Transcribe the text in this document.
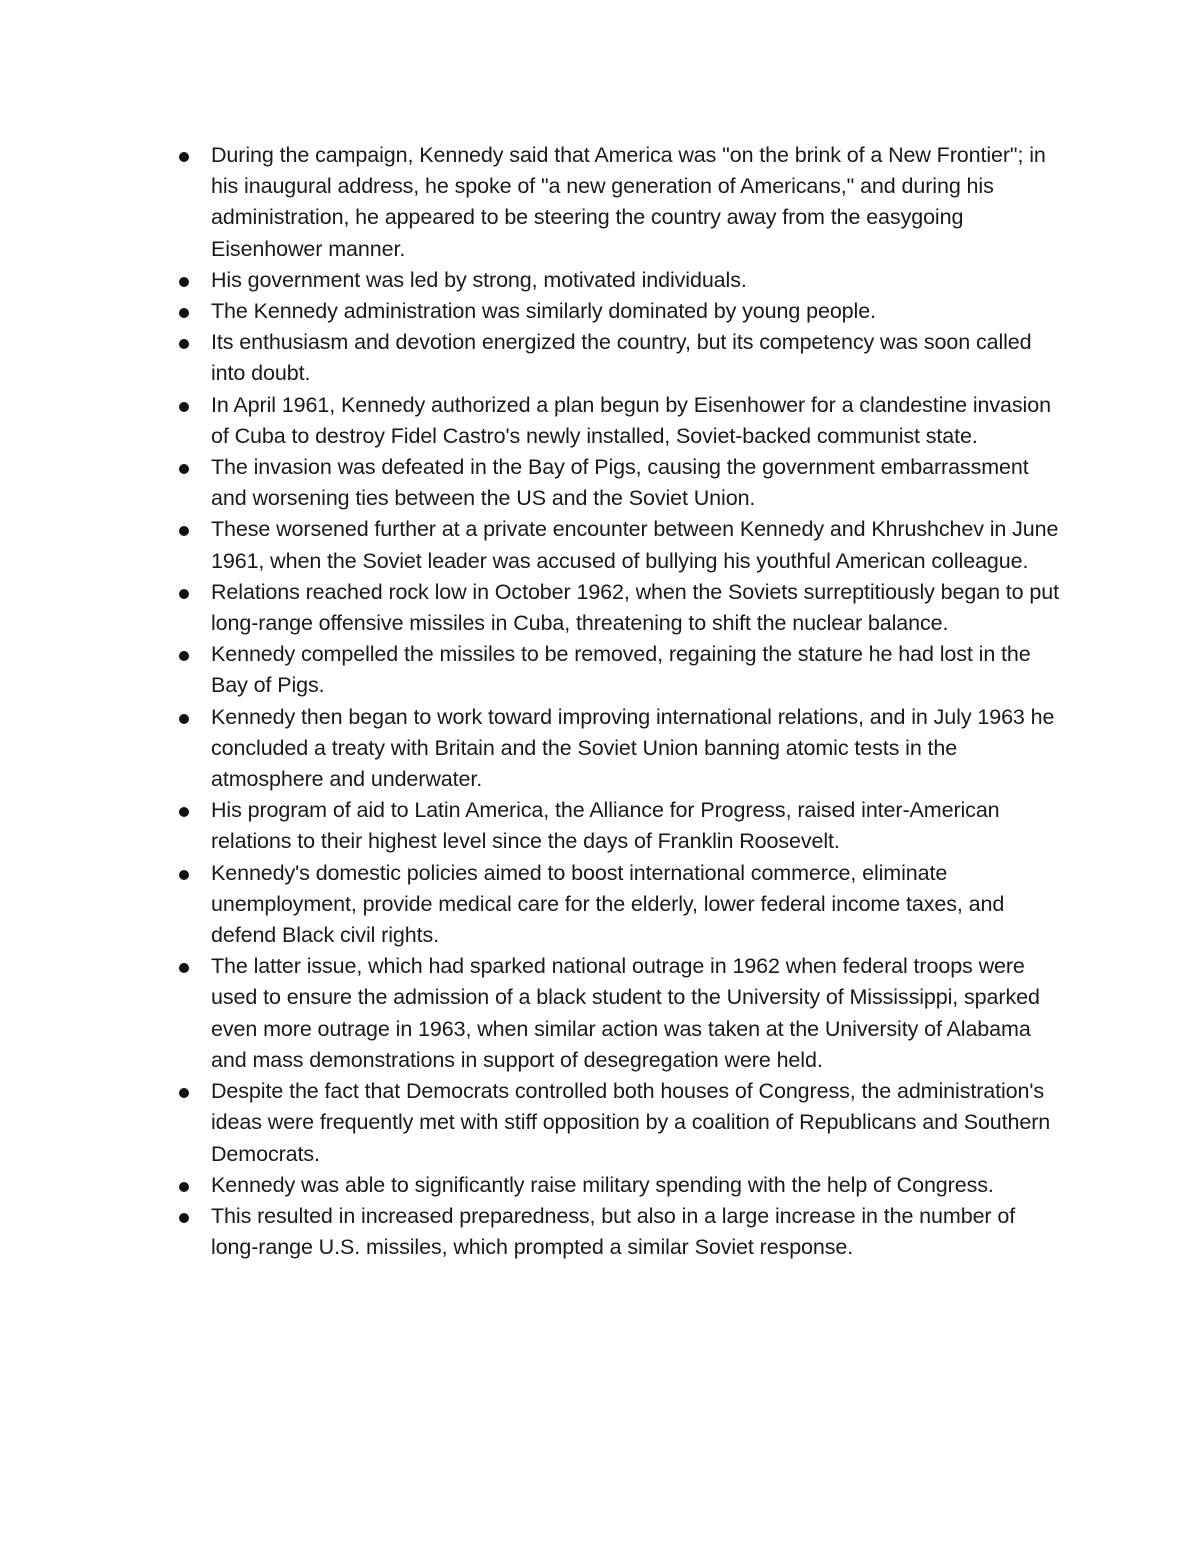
During the campaign, Kennedy said that America was "on the brink of a New Frontier"; in his inaugural address, he spoke of "a new generation of Americans," and during his administration, he appeared to be steering the country away from the easygoing Eisenhower manner.
His government was led by strong, motivated individuals.
The Kennedy administration was similarly dominated by young people.
Its enthusiasm and devotion energized the country, but its competency was soon called into doubt.
In April 1961, Kennedy authorized a plan begun by Eisenhower for a clandestine invasion of Cuba to destroy Fidel Castro's newly installed, Soviet-backed communist state.
The invasion was defeated in the Bay of Pigs, causing the government embarrassment and worsening ties between the US and the Soviet Union.
These worsened further at a private encounter between Kennedy and Khrushchev in June 1961, when the Soviet leader was accused of bullying his youthful American colleague.
Relations reached rock low in October 1962, when the Soviets surreptitiously began to put long-range offensive missiles in Cuba, threatening to shift the nuclear balance.
Kennedy compelled the missiles to be removed, regaining the stature he had lost in the Bay of Pigs.
Kennedy then began to work toward improving international relations, and in July 1963 he concluded a treaty with Britain and the Soviet Union banning atomic tests in the atmosphere and underwater.
His program of aid to Latin America, the Alliance for Progress, raised inter-American relations to their highest level since the days of Franklin Roosevelt.
Kennedy's domestic policies aimed to boost international commerce, eliminate unemployment, provide medical care for the elderly, lower federal income taxes, and defend Black civil rights.
The latter issue, which had sparked national outrage in 1962 when federal troops were used to ensure the admission of a black student to the University of Mississippi, sparked even more outrage in 1963, when similar action was taken at the University of Alabama and mass demonstrations in support of desegregation were held.
Despite the fact that Democrats controlled both houses of Congress, the administration's ideas were frequently met with stiff opposition by a coalition of Republicans and Southern Democrats.
Kennedy was able to significantly raise military spending with the help of Congress.
This resulted in increased preparedness, but also in a large increase in the number of long-range U.S. missiles, which prompted a similar Soviet response.
